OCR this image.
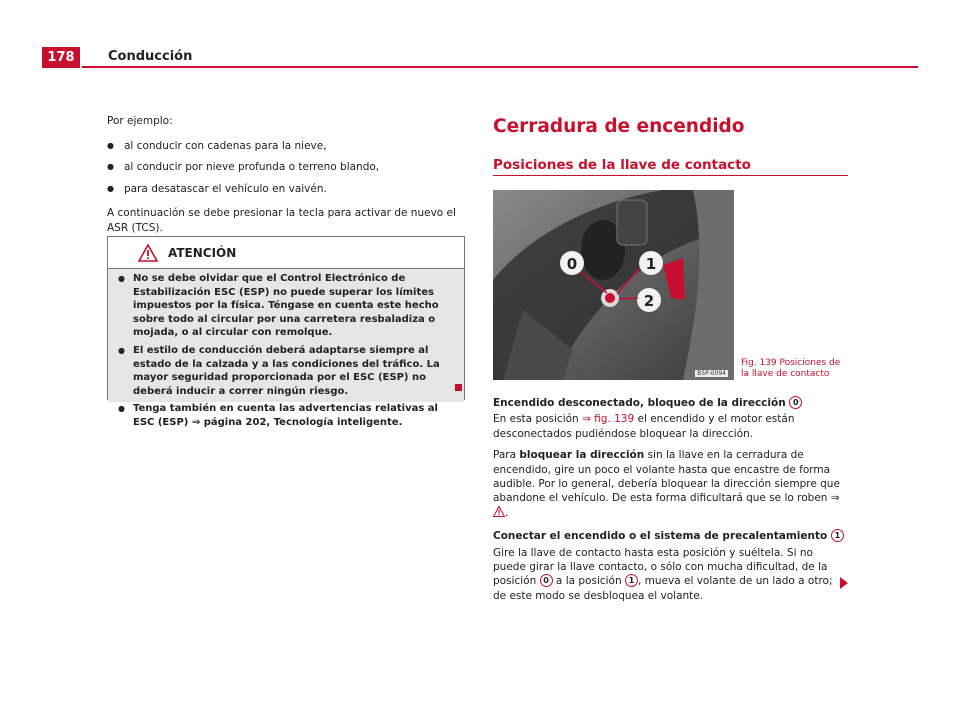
178	Conducción

Por ejemplo:

● al conducir con cadenas para la nieve,
● al conducir por nieve profunda o terreno blando,
● para desatascar el vehículo en vaivén.

A continuación se debe presionar la tecla para activar de nuevo el ASR (TCS).

ATENCIÓN
● No se debe olvidar que el Control Electrónico de Estabilización ESC (ESP) no puede superar los límites impuestos por la física. Téngase en cuenta este hecho sobre todo al circular por una carretera resbaladiza o mojada, o al circular con remolque.
● El estilo de conducción deberá adaptarse siempre al estado de la calzada y a las condiciones del tráfico. La mayor seguridad proporcionada por el ESC (ESP) no deberá inducir a correr ningún riesgo.
● Tenga también en cuenta las advertencias relativas al ESC (ESP) ⇒ página 202, Tecnología inteligente.
Cerradura de encendido
Posiciones de la llave de contacto
0	1
2
B5P-0094
Fig. 139 Posiciones de la llave de contacto

Encendido desconectado, bloqueo de la dirección 0

En esta posición ⇒ fig. 139 el encendido y el motor están desconectados pudiéndose bloquear la dirección.

Para bloquear la dirección sin la llave en la cerradura de encendido, gire un poco el volante hasta que encastre de forma audible. Por lo general, debería bloquear la dirección siempre que abandone el vehículo. De esta forma dificultará que se lo roben ⇒ .

Conectar el encendido o el sistema de precalentamiento 1

Gire la llave de contacto hasta esta posición y suéltela. Si no puede girar la llave contacto, o sólo con mucha dificultad, de la posición 0 a la posición 1 , mueva el volante de un lado a otro; de este modo se desbloquea el volante.
